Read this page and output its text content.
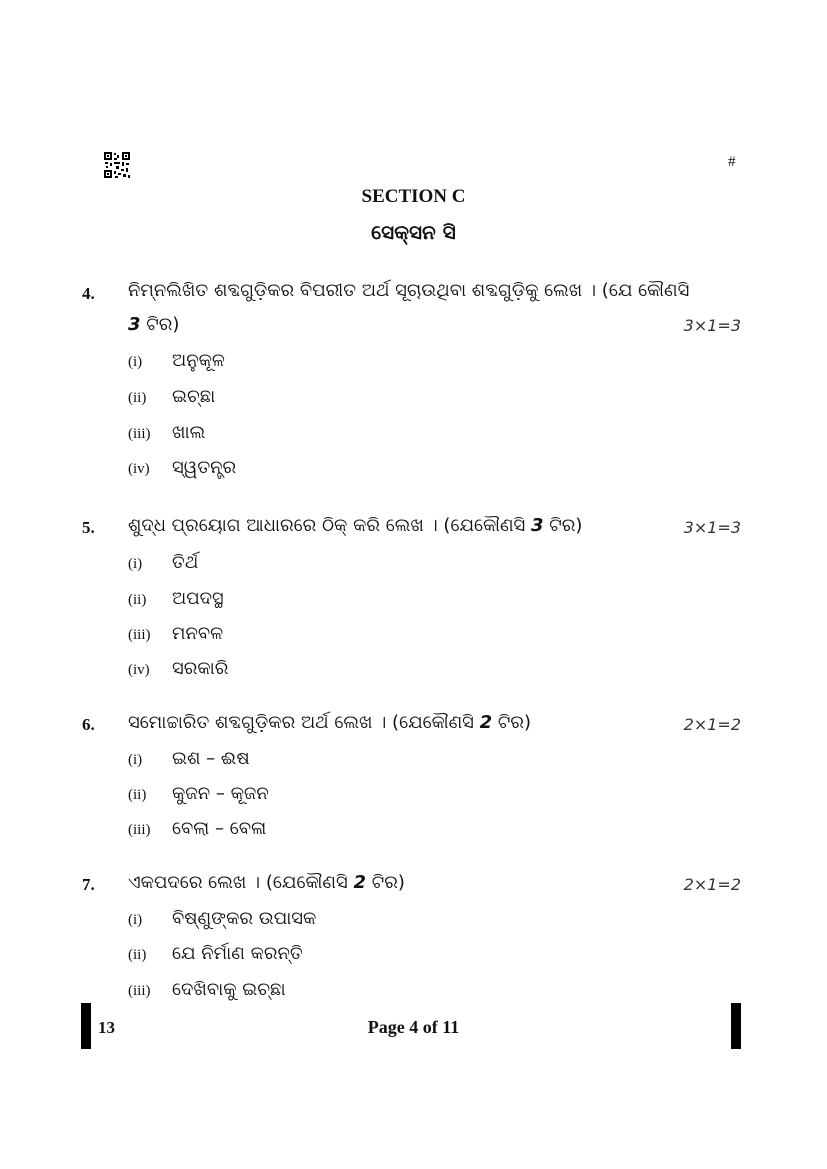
#
SECTION C
ସେକ୍ସନ ସି
4. ନିମ୍ନଲିଖିତ ଶବ୍ଦଗୁଡ଼ିକର ବିପରୀତ ଅର୍ଥ ସୂଚାଉଥିବା ଶବ୍ଦଗୁଡ଼ିକୁ ଲେଖ । (ଯେ କୌଣସି
3 ଟିର)	3×1=3
(i) ଅନୁକୂଳ
(ii) ଇଚ୍ଛା
(iii) ଖାଲ
(iv) ସ୍ୱତନ୍ତ୍ର
5. ଶୁଦ୍ଧ ପ୍ରୟୋଗ ଆଧାରରେ ଠିକ୍ କରି ଲେଖ । (ଯେକୌଣସି 3 ଟିର)	3×1=3
(i) ତିର୍ଥ
(ii) ଅପଦସ୍ଥ
(iii) ମନବଳ
(iv) ସରକାରି
6. ସମୋଚ୍ଚାରିତ ଶବ୍ଦଗୁଡ଼ିକର ଅର୍ଥ ଲେଖ । (ଯେକୌଣସି 2 ଟିର)	2×1=2
(i) ଇଶ – ଈଷ
(ii) କୁଜନ – କୂଜନ
(iii) ବେଲା – ବେଳା
7. ଏକପଦରେ ଲେଖ । (ଯେକୌଣସି 2 ଟିର)	2×1=2
(i) ବିଷ୍ଣୁଙ୍କର ଉପାସକ
(ii) ଯେ ନିର୍ମାଣ କରନ୍ତି
(iii) ଦେଖିବାକୁ ଇଚ୍ଛା
13	Page 4 of 11
